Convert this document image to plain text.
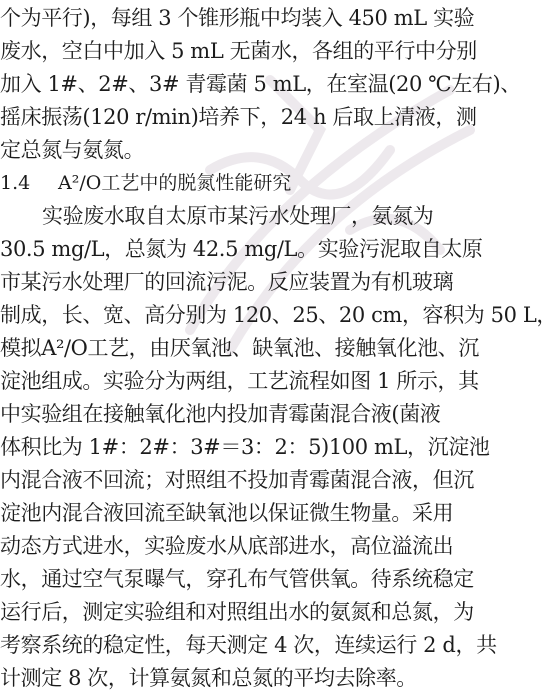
个为平行)，每组 3 个锥形瓶中均装入 450 mL 实验
废水，空白中加入 5 mL 无菌水，各组的平行中分别
加入 1#、2#、3# 青霉菌 5 mL，在室温(20 ℃左右)、
摇床振荡(120 r/min)培养下，24 h 后取上清液，测
定总氮与氨氮。
1.4 A²/O工艺中的脱氮性能研究
实验废水取自太原市某污水处理厂，氨氮为
30.5 mg/L，总氮为 42.5 mg/L。实验污泥取自太原
市某污水处理厂的回流污泥。反应装置为有机玻璃
制成，长、宽、高分别为 120、25、20 cm，容积为 50 L，
模拟A²/O工艺，由厌氧池、缺氧池、接触氧化池、沉
淀池组成。实验分为两组，工艺流程如图 1 所示，其
中实验组在接触氧化池内投加青霉菌混合液(菌液
体积比为 1#：2#：3#＝3：2：5)100 mL，沉淀池
内混合液不回流；对照组不投加青霉菌混合液，但沉
淀池内混合液回流至缺氧池以保证微生物量。采用
动态方式进水，实验废水从底部进水，高位溢流出
水，通过空气泵曝气，穿孔布气管供氧。待系统稳定
运行后，测定实验组和对照组出水的氨氮和总氮，为
考察系统的稳定性，每天测定 4 次，连续运行 2 d，共
计测定 8 次，计算氨氮和总氮的平均去除率。
